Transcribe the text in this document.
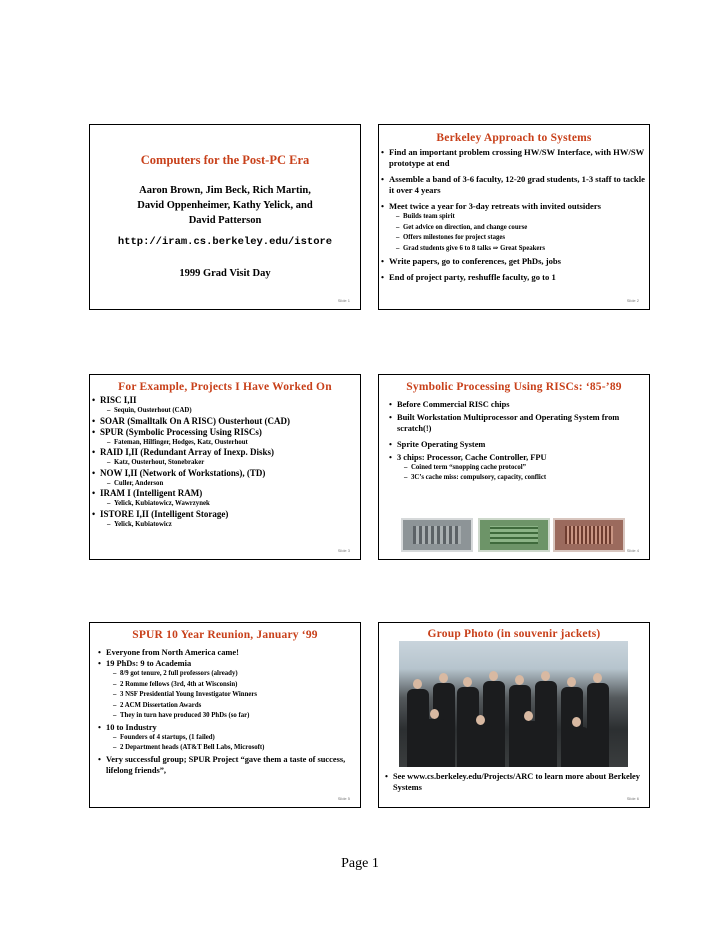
Computers for the Post-PC Era
Aaron Brown, Jim Beck, Rich Martin,
David Oppenheimer, Kathy Yelick, and
David Patterson
http://iram.cs.berkeley.edu/istore
1999 Grad Visit Day
Slide 1
Berkeley Approach to Systems
• Find an important problem crossing HW/SW Interface, with HW/SW prototype at end
• Assemble a band of 3-6 faculty, 12-20 grad students, 1-3 staff to tackle it over 4 years
• Meet twice a year for 3-day retreats with invited outsiders
– Builds team spirit
– Get advice on direction, and change course
– Offers milestones for project stages
– Grad students give 6 to 8 talks ⇒ Great Speakers
• Write papers, go to conferences, get PhDs, jobs
• End of project party, reshuffle faculty, go to 1
Slide 2
For Example, Projects I Have Worked On
• RISC I,II
– Sequin, Ousterhout (CAD)
• SOAR (Smalltalk On A RISC) Ousterhout (CAD)
• SPUR (Symbolic Processing Using RISCs)
– Fateman, Hilfinger, Hodges, Katz, Ousterhout
• RAID I,II (Redundant Array of Inexp. Disks)
– Katz, Ousterhout, Stonebraker
• NOW I,II (Network of Workstations), (TD)
– Culler, Anderson
• IRAM I (Intelligent RAM)
– Yelick, Kubiatowicz, Wawrzynek
• ISTORE I,II (Intelligent Storage)
– Yelick, Kubiatowicz
Slide 3
Symbolic Processing Using RISCs: ‘85-’89
• Before Commercial RISC chips
• Built Workstation Multiprocessor and Operating System from scratch(!)
• Sprite Operating System
• 3 chips: Processor, Cache Controller, FPU
– Coined term “snopping cache protocol”
– 3C’s cache miss: compulsory, capacity, conflict
Slide 4
SPUR 10 Year Reunion, January ‘99
• Everyone from North America came!
• 19 PhDs: 9 to Academia
– 8/9 got tenure, 2 full professors (already)
– 2 Romme fellows (3rd, 4th at Wisconsin)
– 3 NSF Presidential Young Investigator Winners
– 2 ACM Dissertation Awards
– They in turn have produced 30 PhDs (so far)
• 10 to Industry
– Founders of 4 startups, (1 failed)
– 2 Department heads (AT&T Bell Labs, Microsoft)
• Very successful group; SPUR Project “gave them a taste of success, lifelong friends”,
Slide 5
Group Photo (in souvenir jackets)
• See www.cs.berkeley.edu/Projects/ARC to learn more about Berkeley Systems
Slide 6
Page 1
